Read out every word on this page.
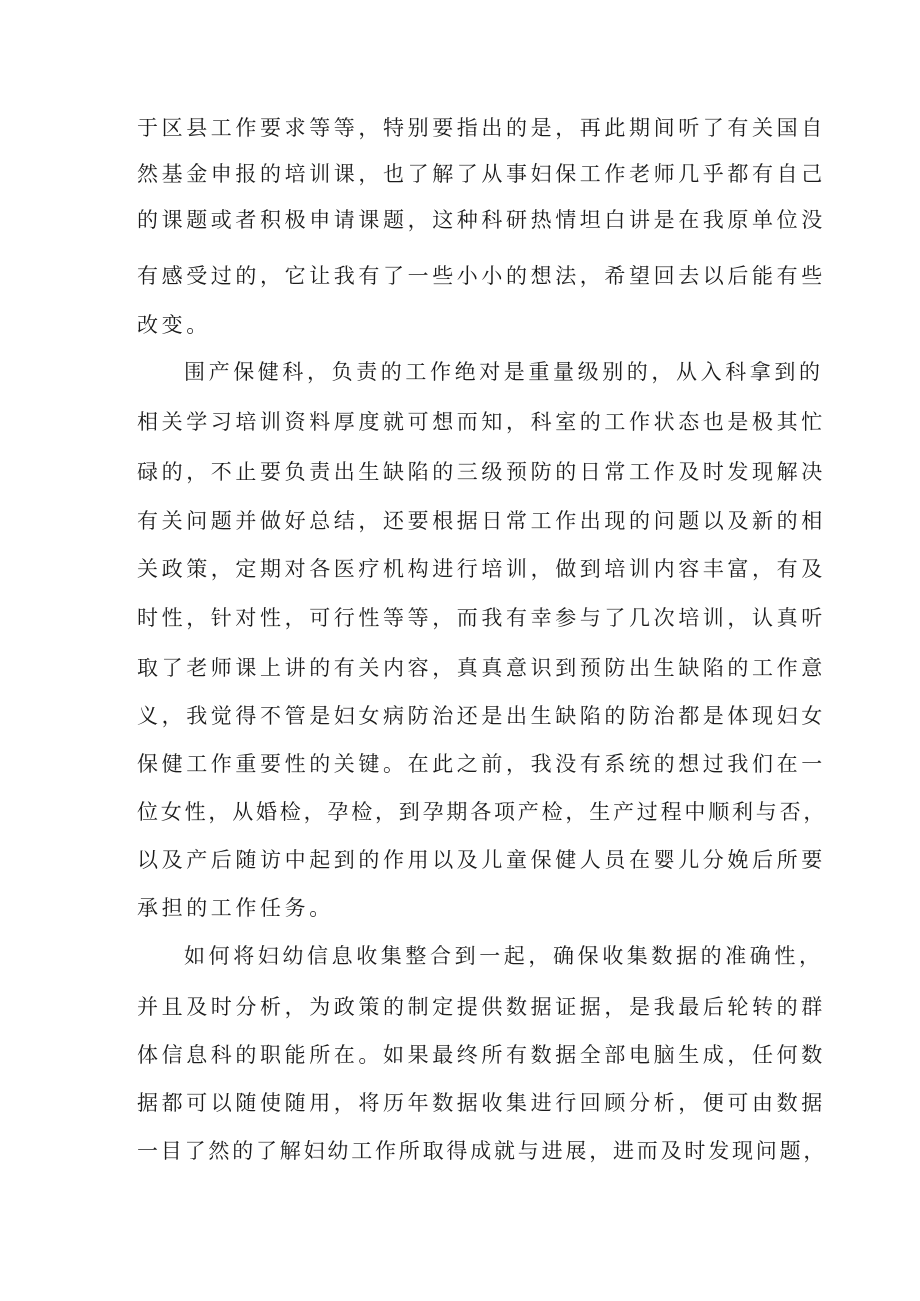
于区县工作要求等等，特别要指出的是，再此期间听了有关国自
然基金申报的培训课，也了解了从事妇保工作老师几乎都有自己
的课题或者积极申请课题，这种科研热情坦白讲是在我原单位没
有感受过的，它让我有了一些小小的想法，希望回去以后能有些
改变。
围产保健科，负责的工作绝对是重量级别的，从入科拿到的
相关学习培训资料厚度就可想而知，科室的工作状态也是极其忙
碌的，不止要负责出生缺陷的三级预防的日常工作及时发现解决
有关问题并做好总结，还要根据日常工作出现的问题以及新的相
关政策，定期对各医疗机构进行培训，做到培训内容丰富，有及
时性，针对性，可行性等等，而我有幸参与了几次培训，认真听
取了老师课上讲的有关内容，真真意识到预防出生缺陷的工作意
义，我觉得不管是妇女病防治还是出生缺陷的防治都是体现妇女
保健工作重要性的关键。在此之前，我没有系统的想过我们在一
位女性，从婚检，孕检，到孕期各项产检，生产过程中顺利与否，
以及产后随访中起到的作用以及儿童保健人员在婴儿分娩后所要
承担的工作任务。
如何将妇幼信息收集整合到一起，确保收集数据的准确性，
并且及时分析，为政策的制定提供数据证据，是我最后轮转的群
体信息科的职能所在。如果最终所有数据全部电脑生成，任何数
据都可以随使随用，将历年数据收集进行回顾分析，便可由数据
一目了然的了解妇幼工作所取得成就与进展，进而及时发现问题，
